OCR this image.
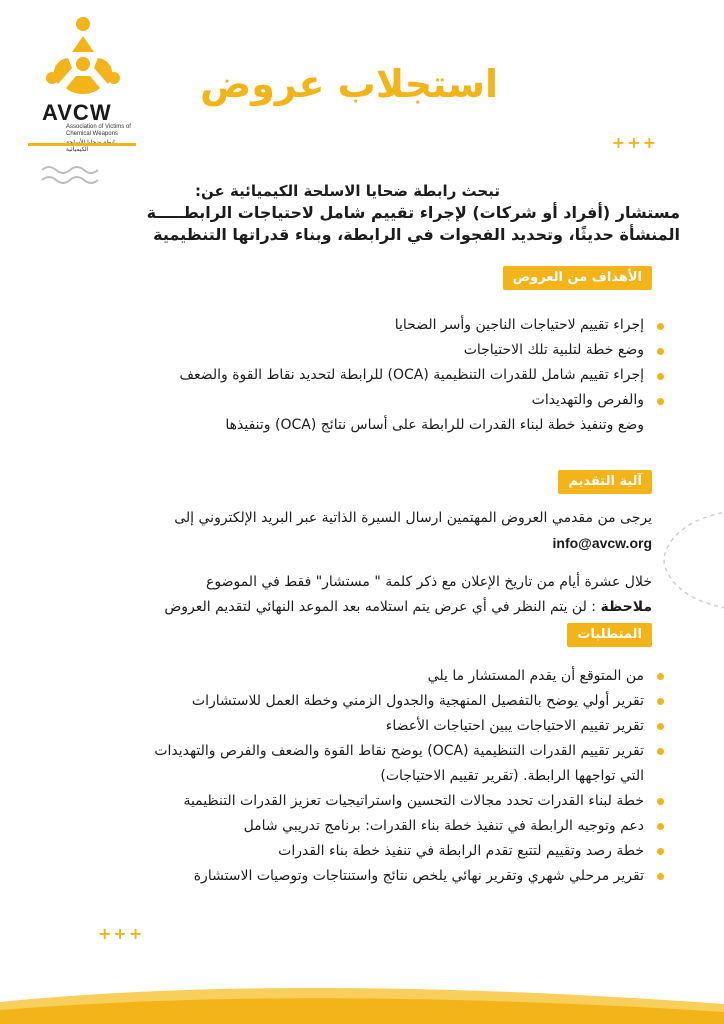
AVCW
Association of Victims of Chemical Weapons
الكيميائية
استجلاب عروض
+++
تبحث رابطة ضحايا الاسلحة الكيميائية عن:
مستشار (أفراد أو شركات) لإجراء تقييم شامل لاحتياجات الرابطـــــة
المنشأة حديثًا، وتحديد الفجوات في الرابطة، وبناء قدراتها التنظيمية
الأهداف من العروض
إجراء تقييم لاحتياجات الناجين وأسر الضحايا
وضع خطة لتلبية تلك الاحتياجات
إجراء تقييم شامل للقدرات التنظيمية (OCA) للرابطة لتحديد نقاط القوة والضعف
والفرص والتهديدات
وضع وتنفيذ خطة لبناء القدرات للرابطة على أساس نتائج (OCA) وتنفيذها
آلية التقديم

يرجى من مقدمي العروض المهتمين ارسال السيرة الذاتية عبر البريد الإلكتروني إلى

info@avcw.org

خلال عشرة أيام من تاريخ الإعلان مع ذكر كلمة " مستشار" فقط في الموضوع

ملاحظة : لن يتم النظر في أي عرض يتم استلامه بعد الموعد النهائي لتقديم العروض

المتطلبات
من المتوقع أن يقدم المستشار ما يلي
تقرير أولي يوضح بالتفصيل المنهجية والجدول الزمني وخطة العمل للاستشارات
تقرير تقييم الاحتياجات يبين احتياجات الأعضاء
تقرير تقييم القدرات التنظيمية (OCA) يوضح نقاط القوة والضعف والفرص والتهديدات
التي تواجهها الرابطة. (تقرير تقييم الاحتياجات)
خطة لبناء القدرات تحدد مجالات التحسين واستراتيجيات تعزيز القدرات التنظيمية
دعم وتوجيه الرابطة في تنفيذ خطة بناء القدرات: برنامج تدريبي شامل
خطة رصد وتقييم لتتبع تقدم الرابطة في تنفيذ خطة بناء القدرات
تقرير مرحلي شهري وتقرير نهائي يلخص نتائج واستنتاجات وتوصيات الاستشارة
+++
